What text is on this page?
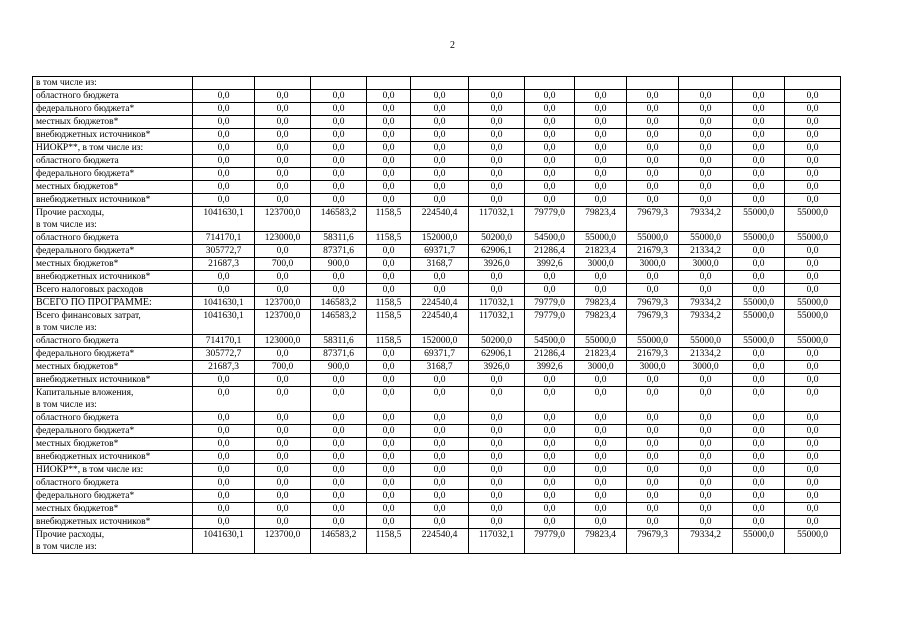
2
в том числе из:													

областного бюджета	0,0	0,0	0,0	0,0	0,0	0,0	0,0	0,0	0,0	0,0	0,0	0,0	

федерального бюджета*	0,0	0,0	0,0	0,0	0,0	0,0	0,0	0,0	0,0	0,0	0,0	0,0	

местных бюджетов*	0,0	0,0	0,0	0,0	0,0	0,0	0,0	0,0	0,0	0,0	0,0	0,0	

внебюджетных источников*	0,0	0,0	0,0	0,0	0,0	0,0	0,0	0,0	0,0	0,0	0,0	0,0	

НИОКР**, в том числе из:	0,0	0,0	0,0	0,0	0,0	0,0	0,0	0,0	0,0	0,0	0,0	0,0	

областного бюджета	0,0	0,0	0,0	0,0	0,0	0,0	0,0	0,0	0,0	0,0	0,0	0,0	

федерального бюджета*	0,0	0,0	0,0	0,0	0,0	0,0	0,0	0,0	0,0	0,0	0,0	0,0	

местных бюджетов*	0,0	0,0	0,0	0,0	0,0	0,0	0,0	0,0	0,0	0,0	0,0	0,0	

внебюджетных источников*	0,0	0,0	0,0	0,0	0,0	0,0	0,0	0,0	0,0	0,0	0,0	0,0	

Прочие расходы,
в том числе из:	1041630,1	123700,0	146583,2	1158,5	224540,4	117032,1	79779,0	79823,4	79679,3	79334,2	55000,0	55000,0	

областного бюджета	714170,1	123000,0	58311,6	1158,5	152000,0	50200,0	54500,0	55000,0	55000,0	55000,0	55000,0	55000,0	

федерального бюджета*	305772,7	0,0	87371,6	0,0	69371,7	62906,1	21286,4	21823,4	21679,3	21334,2	0,0	0,0	

местных бюджетов*	21687,3	700,0	900,0	0,0	3168,7	3926,0	3992,6	3000,0	3000,0	3000,0	0,0	0,0	

внебюджетных источников*	0,0	0,0	0,0	0,0	0,0	0,0	0,0	0,0	0,0	0,0	0,0	0,0	

Всего налоговых расходов	0,0	0,0	0,0	0,0	0,0	0,0	0,0	0,0	0,0	0,0	0,0	0,0	

ВСЕГО ПО ПРОГРАММЕ:	1041630,1	123700,0	146583,2	1158,5	224540,4	117032,1	79779,0	79823,4	79679,3	79334,2	55000,0	55000,0	

Всего финансовых затрат,
в том числе из:	1041630,1	123700,0	146583,2	1158,5	224540,4	117032,1	79779,0	79823,4	79679,3	79334,2	55000,0	55000,0	

областного бюджета	714170,1	123000,0	58311,6	1158,5	152000,0	50200,0	54500,0	55000,0	55000,0	55000,0	55000,0	55000,0	

федерального бюджета*	305772,7	0,0	87371,6	0,0	69371,7	62906,1	21286,4	21823,4	21679,3	21334,2	0,0	0,0	

местных бюджетов*	21687,3	700,0	900,0	0,0	3168,7	3926,0	3992,6	3000,0	3000,0	3000,0	0,0	0,0	

внебюджетных источников*	0,0	0,0	0,0	0,0	0,0	0,0	0,0	0,0	0,0	0,0	0,0	0,0	

Капитальные вложения,
в том числе из:	0,0	0,0	0,0	0,0	0,0	0,0	0,0	0,0	0,0	0,0	0,0	0,0	

областного бюджета	0,0	0,0	0,0	0,0	0,0	0,0	0,0	0,0	0,0	0,0	0,0	0,0	

федерального бюджета*	0,0	0,0	0,0	0,0	0,0	0,0	0,0	0,0	0,0	0,0	0,0	0,0	

местных бюджетов*	0,0	0,0	0,0	0,0	0,0	0,0	0,0	0,0	0,0	0,0	0,0	0,0	

внебюджетных источников*	0,0	0,0	0,0	0,0	0,0	0,0	0,0	0,0	0,0	0,0	0,0	0,0	

НИОКР**, в том числе из:	0,0	0,0	0,0	0,0	0,0	0,0	0,0	0,0	0,0	0,0	0,0	0,0	

областного бюджета	0,0	0,0	0,0	0,0	0,0	0,0	0,0	0,0	0,0	0,0	0,0	0,0	

федерального бюджета*	0,0	0,0	0,0	0,0	0,0	0,0	0,0	0,0	0,0	0,0	0,0	0,0	

местных бюджетов*	0,0	0,0	0,0	0,0	0,0	0,0	0,0	0,0	0,0	0,0	0,0	0,0	

внебюджетных источников*	0,0	0,0	0,0	0,0	0,0	0,0	0,0	0,0	0,0	0,0	0,0	0,0	

Прочие расходы,
в том числе из:	1041630,1	123700,0	146583,2	1158,5	224540,4	117032,1	79779,0	79823,4	79679,3	79334,2	55000,0	55000,0	
